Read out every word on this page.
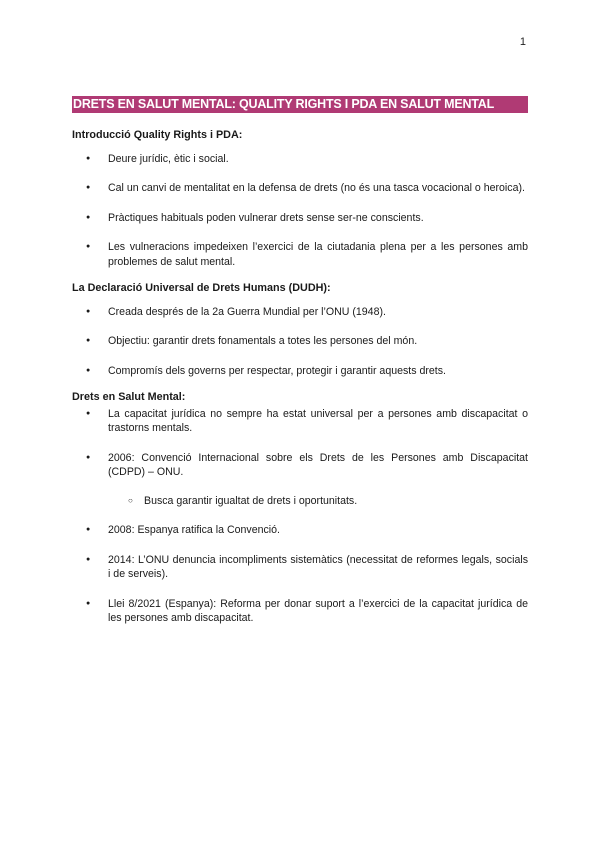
1
DRETS EN SALUT MENTAL: QUALITY RIGHTS I PDA EN SALUT MENTAL
Introducció Quality Rights i PDA:
● Deure jurídic, ètic i social.
● Cal un canvi de mentalitat en la defensa de drets (no és una tasca vocacional o heroica).
● Pràctiques habituals poden vulnerar drets sense ser-ne conscients.
● Les vulneracions impedeixen l’exercici de la ciutadania plena per a les persones amb problemes de salut mental.
La Declaració Universal de Drets Humans (DUDH):
● Creada després de la 2a Guerra Mundial per l’ONU (1948).
● Objectiu: garantir drets fonamentals a totes les persones del món.
● Compromís dels governs per respectar, protegir i garantir aquests drets.
Drets en Salut Mental:
● La capacitat jurídica no sempre ha estat universal per a persones amb discapacitat o trastorns mentals.
● 2006: Convenció Internacional sobre els Drets de les Persones amb Discapacitat (CDPD) – ONU.
○ Busca garantir igualtat de drets i oportunitats.
● 2008: Espanya ratifica la Convenció.
● 2014: L’ONU denuncia incompliments sistemàtics (necessitat de reformes legals, socials i de serveis).
● Llei 8/2021 (Espanya): Reforma per donar suport a l’exercici de la capacitat jurídica de les persones amb discapacitat.
